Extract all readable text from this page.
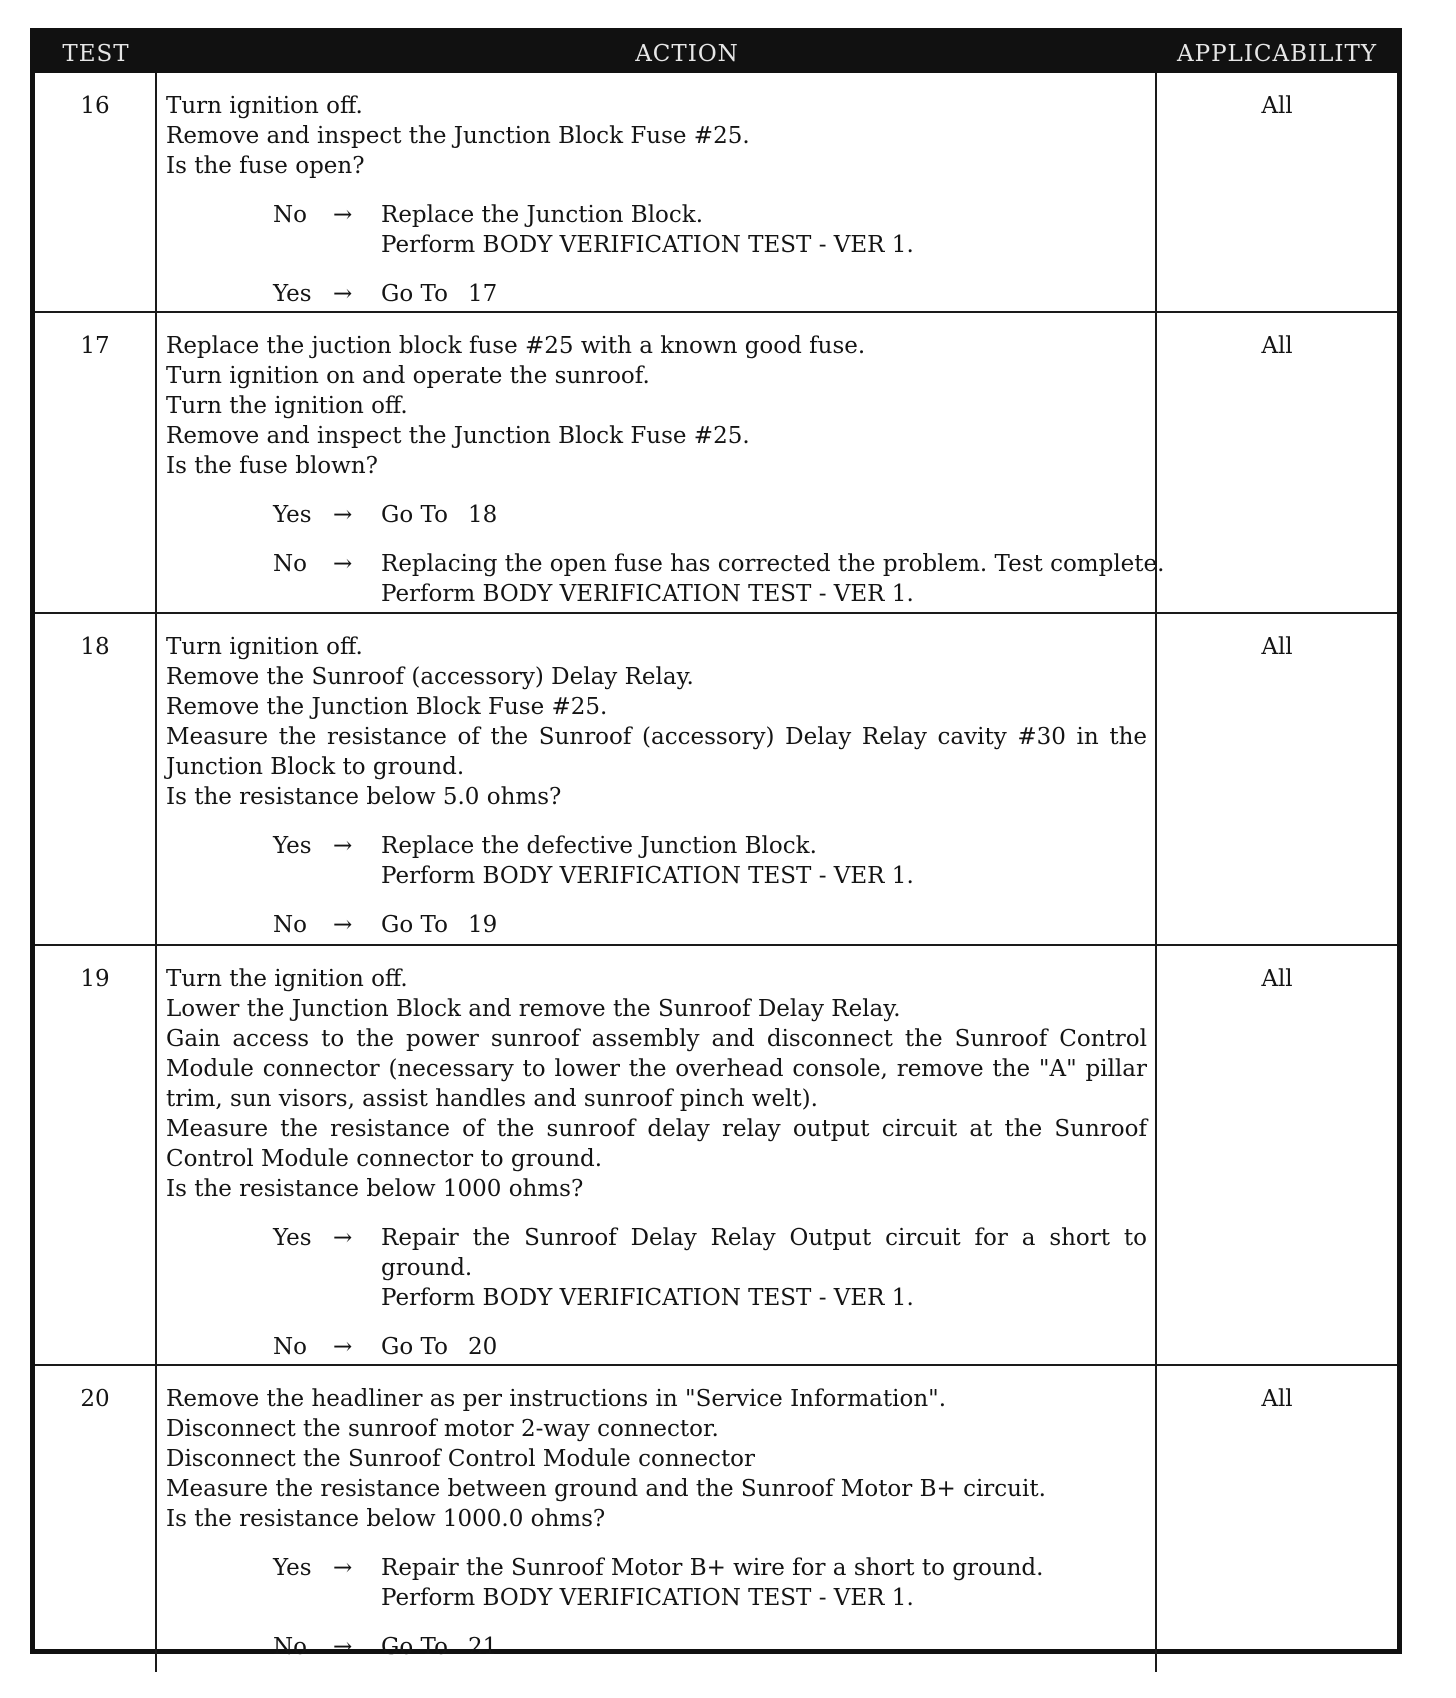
TEST	ACTION	APPLICABILITY
16	Turn ignition off.
Remove and inspect the Junction Block Fuse #25.
Is the fuse open?
No	→	Replace the Junction Block.
Perform BODY VERIFICATION TEST - VER 1.
Yes →	Go To 17
All
17	Replace the juction block fuse #25 with a known good fuse.
Turn ignition on and operate the sunroof.
Turn the ignition off.
Remove and inspect the Junction Block Fuse #25.
Is the fuse blown?
Yes →	Go To 18
No	→	Replacing the open fuse has corrected the problem. Test complete.
Perform BODY VERIFICATION TEST - VER 1.
All
18	Turn ignition off.
Remove the Sunroof (accessory) Delay Relay.
Remove the Junction Block Fuse #25.
Measure the resistance of the Sunroof (accessory) Delay Relay cavity #30 in the
Junction Block to ground.
Is the resistance below 5.0 ohms?
Yes →	Replace the defective Junction Block.
Perform BODY VERIFICATION TEST - VER 1.
No	→	Go To 19
All
19	Turn the ignition off.
Lower the Junction Block and remove the Sunroof Delay Relay.
Gain access to the power sunroof assembly and disconnect the Sunroof Control
Module connector (necessary to lower the overhead console, remove the "A" pillar
trim, sun visors, assist handles and sunroof pinch welt).
Measure the resistance of the sunroof delay relay output circuit at the Sunroof
Control Module connector to ground.
Is the resistance below 1000 ohms?
Yes →	Repair the Sunroof Delay Relay Output circuit for a short to
ground.
Perform BODY VERIFICATION TEST - VER 1.
No	→	Go To 20
All
20	Remove the headliner as per instructions in "Service Information".
Disconnect the sunroof motor 2-way connector.
Disconnect the Sunroof Control Module connector
Measure the resistance between ground and the Sunroof Motor B+ circuit.
Is the resistance below 1000.0 ohms?
Yes →	Repair the Sunroof Motor B+ wire for a short to ground.
Perform BODY VERIFICATION TEST - VER 1.
No	→	Go To 21
All
